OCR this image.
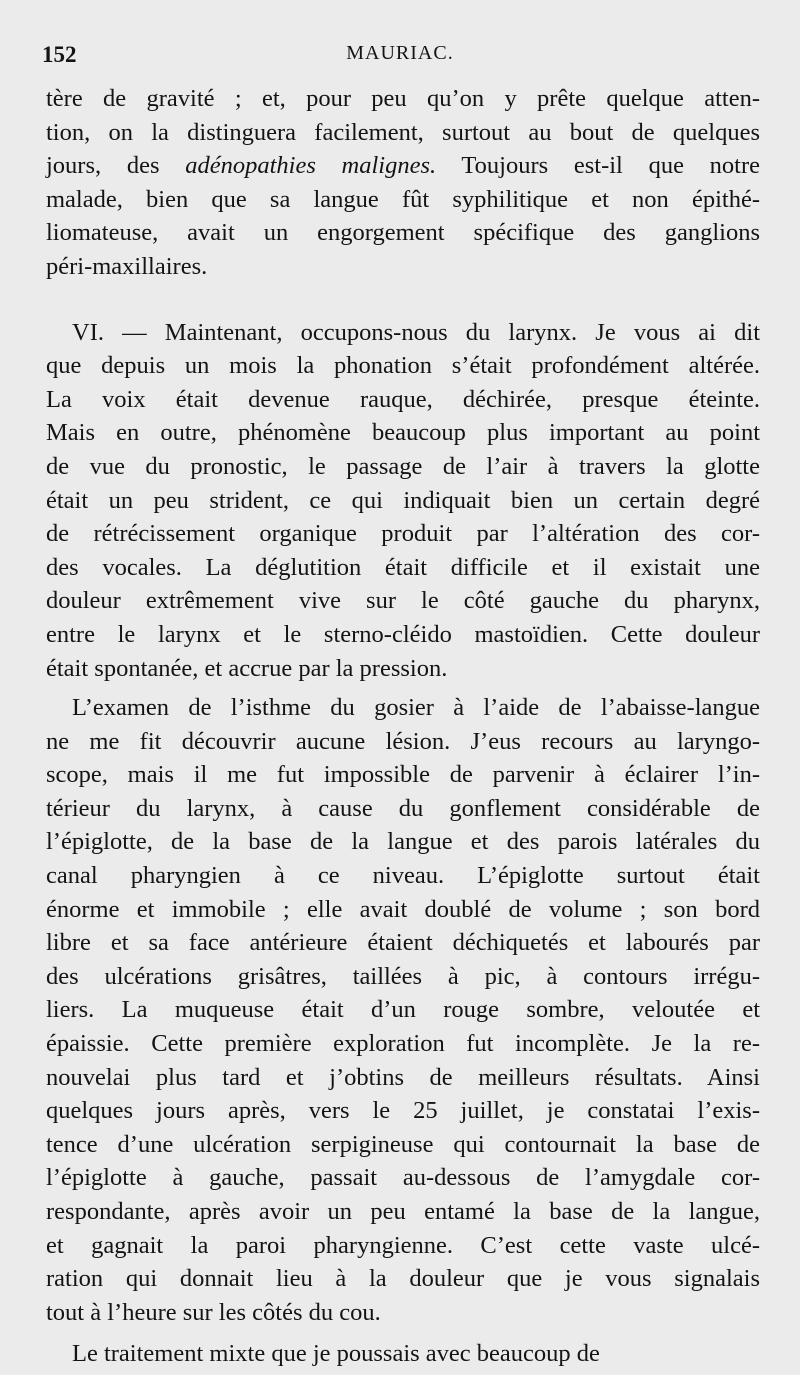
152	MAURIAC.
tère de gravité ; et, pour peu qu’on y prête quelque atten-
tion, on la distinguera facilement, surtout au bout de quelques
jours, des adénopathies malignes. Toujours est-il que notre
malade, bien que sa langue fût syphilitique et non épithé-
liomateuse, avait un engorgement spécifique des ganglions
péri-maxillaires.
VI. — Maintenant, occupons-nous du larynx. Je vous ai dit
que depuis un mois la phonation s’était profondément altérée.
La voix était devenue rauque, déchirée, presque éteinte.
Mais en outre, phénomène beaucoup plus important au point
de vue du pronostic, le passage de l’air à travers la glotte
était un peu strident, ce qui indiquait bien un certain degré
de rétrécissement organique produit par l’altération des cor-
des vocales. La déglutition était difficile et il existait une
douleur extrêmement vive sur le côté gauche du pharynx,
entre le larynx et le sterno-cléido mastoïdien. Cette douleur
était spontanée, et accrue par la pression.
L’examen de l’isthme du gosier à l’aide de l’abaisse-langue
ne me fit découvrir aucune lésion. J’eus recours au laryngo-
scope, mais il me fut impossible de parvenir à éclairer l’in-
térieur du larynx, à cause du gonflement considérable de
l’épiglotte, de la base de la langue et des parois latérales du
canal pharyngien à ce niveau. L’épiglotte surtout était
énorme et immobile ; elle avait doublé de volume ; son bord
libre et sa face antérieure étaient déchiquetés et labourés par
des ulcérations grisâtres, taillées à pic, à contours irrégu-
liers. La muqueuse était d’un rouge sombre, veloutée et
épaissie. Cette première exploration fut incomplète. Je la re-
nouvelai plus tard et j’obtins de meilleurs résultats. Ainsi
quelques jours après, vers le 25 juillet, je constatai l’exis-
tence d’une ulcération serpigineuse qui contournait la base de
l’épiglotte à gauche, passait au-dessous de l’amygdale cor-
respondante, après avoir un peu entamé la base de la langue,
et gagnait la paroi pharyngienne. C’est cette vaste ulcé-
ration qui donnait lieu à la douleur que je vous signalais
tout à l’heure sur les côtés du cou.
Le traitement mixte que je poussais avec beaucoup de
